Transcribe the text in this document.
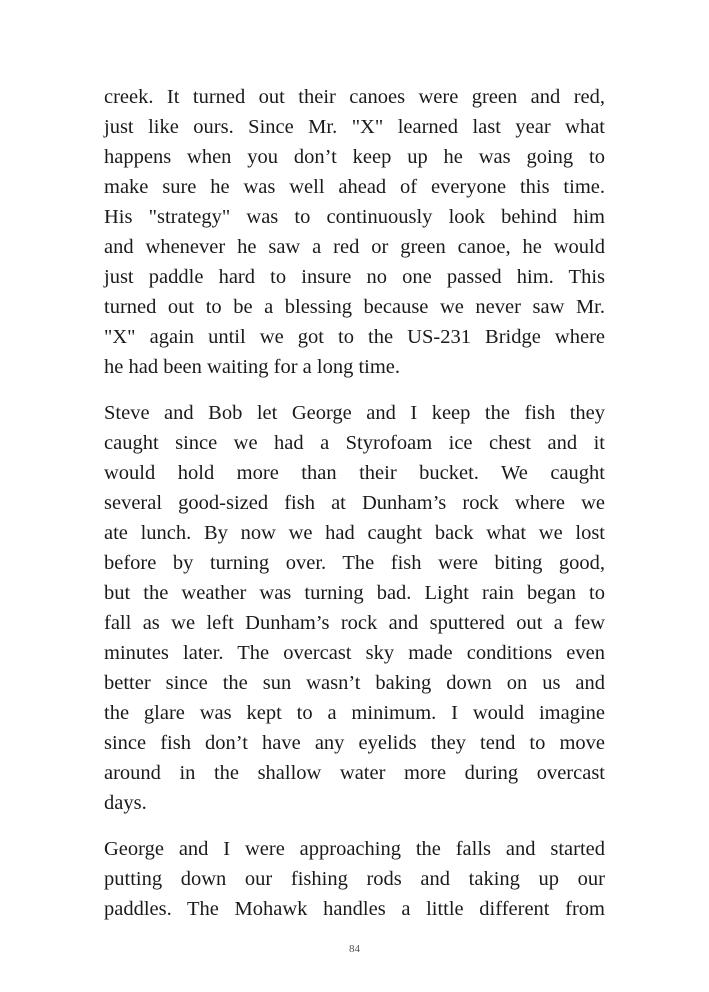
creek. It turned out their canoes were green and red,
just like ours. Since Mr. "X" learned last year what
happens when you don’t keep up he was going to
make sure he was well ahead of everyone this time.
His "strategy" was to continuously look behind him
and whenever he saw a red or green canoe, he would
just paddle hard to insure no one passed him. This
turned out to be a blessing because we never saw Mr.
"X" again until we got to the US-231 Bridge where
he had been waiting for a long time.
Steve and Bob let George and I keep the fish they
caught since we had a Styrofoam ice chest and it
would hold more than their bucket. We caught
several good-sized fish at Dunham’s rock where we
ate lunch. By now we had caught back what we lost
before by turning over. The fish were biting good,
but the weather was turning bad. Light rain began to
fall as we left Dunham’s rock and sputtered out a few
minutes later. The overcast sky made conditions even
better since the sun wasn’t baking down on us and
the glare was kept to a minimum. I would imagine
since fish don’t have any eyelids they tend to move
around in the shallow water more during overcast
days.
George and I were approaching the falls and started
putting down our fishing rods and taking up our
paddles. The Mohawk handles a little different from
84
